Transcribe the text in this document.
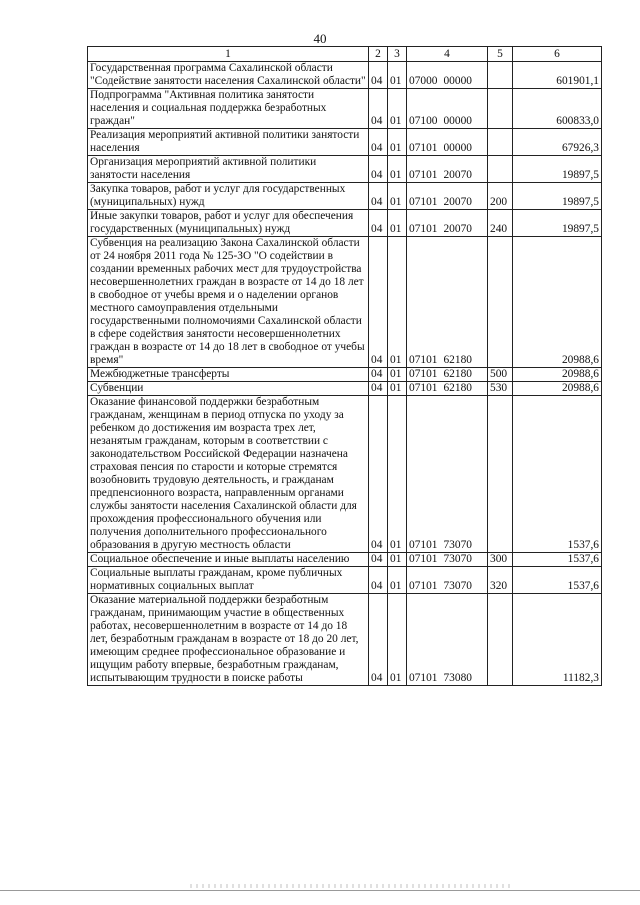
40
1	2	3	4	5	6
Государственная программа Сахалинской области "Содействие занятости населения Сахалинской области"	04	01	07000 00000		601901,1
Подпрограмма "Активная политика занятости населения и социальная поддержка безработных граждан"	04	01	07100 00000		600833,0
Реализация мероприятий активной политики занятости населения	04	01	07101 00000		67926,3
Организация мероприятий активной политики занятости населения	04	01	07101 20070		19897,5
Закупка товаров, работ и услуг для государственных (муниципальных) нужд	04	01	07101 20070	200	19897,5
Иные закупки товаров, работ и услуг для обеспечения государственных (муниципальных) нужд	04	01	07101 20070	240	19897,5
Субвенция на реализацию Закона Сахалинской области от 24 ноября 2011 года № 125-ЗО "О содействии в создании временных рабочих мест для трудоустройства несовершеннолетних граждан в возрасте от 14 до 18 лет в свободное от учебы время и о наделении органов местного самоуправления отдельными государственными полномочиями Сахалинской области в сфере содействия занятости несовершеннолетних граждан в возрасте от 14 до 18 лет в свободное от учебы время"	04	01	07101 62180		20988,6
Межбюджетные трансферты	04	01	07101 62180	500	20988,6
Субвенции	04	01	07101 62180	530	20988,6
Оказание финансовой поддержки безработным гражданам, женщинам в период отпуска по уходу за ребенком до достижения им возраста трех лет, незанятым гражданам, которым в соответствии с законодательством Российской Федерации назначена страховая пенсия по старости и которые стремятся возобновить трудовую деятельность, и гражданам предпенсионного возраста, направленным органами службы занятости населения Сахалинской области для прохождения профессионального обучения или получения дополнительного профессионального образования в другую местность области	04	01	07101 73070		1537,6
Социальное обеспечение и иные выплаты населению	04	01	07101 73070	300	1537,6
Социальные выплаты гражданам, кроме публичных нормативных социальных выплат	04	01	07101 73070	320	1537,6
Оказание материальной поддержки безработным гражданам, принимающим участие в общественных работах, несовершеннолетним в возрасте от 14 до 18 лет, безработным гражданам в возрасте от 18 до 20 лет, имеющим среднее профессиональное образование и ищущим работу впервые, безработным гражданам, испытывающим трудности в поиске работы	04	01	07101 73080		11182,3
